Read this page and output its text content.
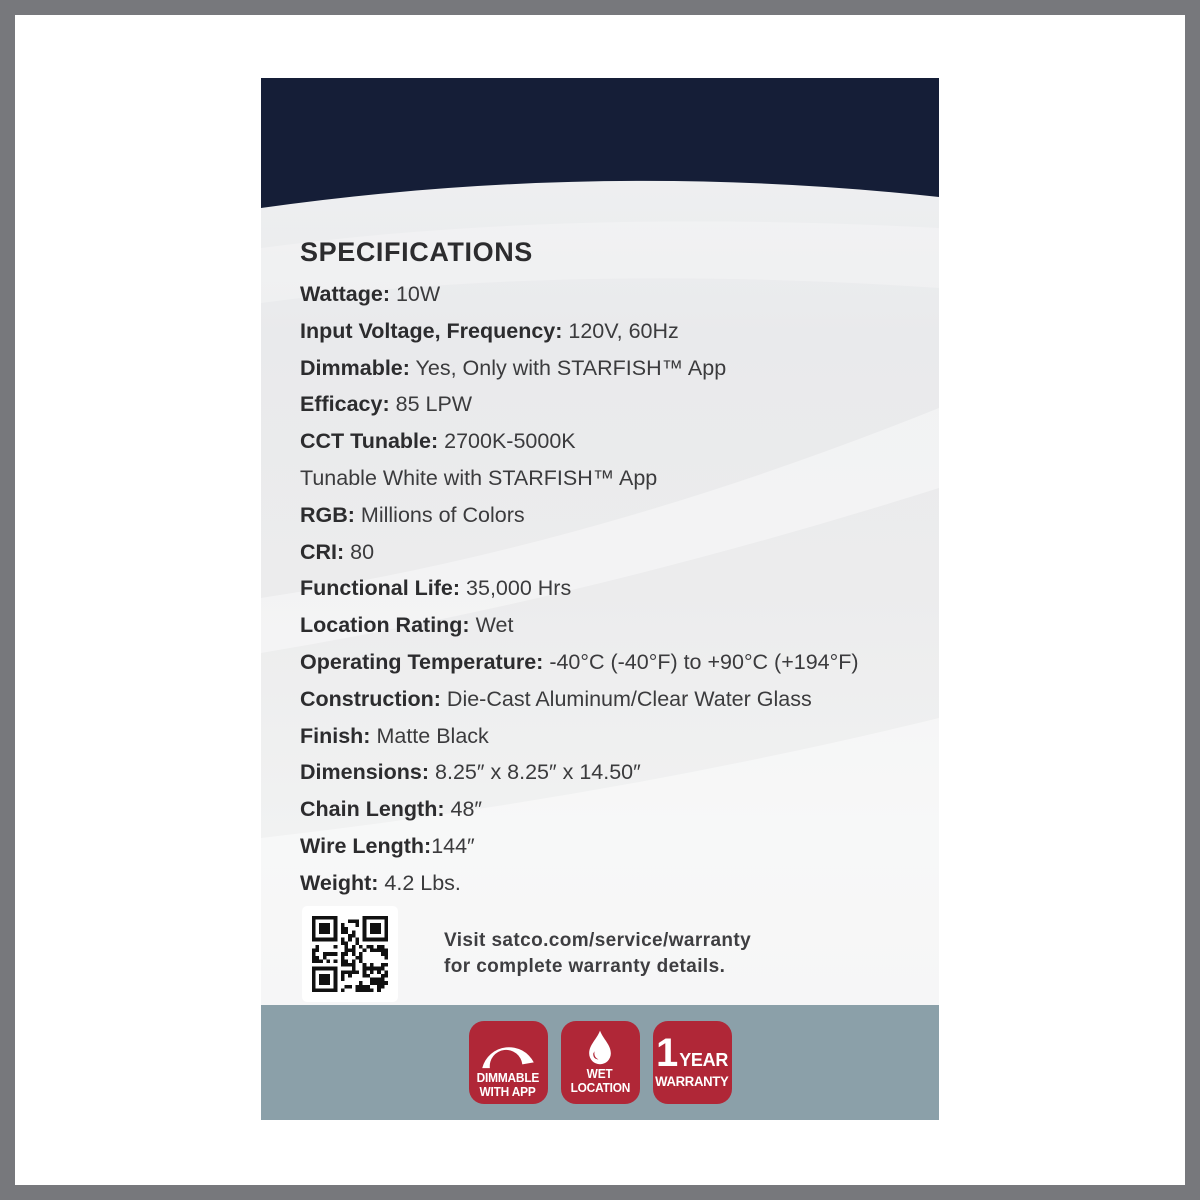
SPECIFICATIONS
Wattage: 10W
Input Voltage, Frequency: 120V, 60Hz
Dimmable: Yes, Only with STARFISH™ App
Efficacy: 85 LPW
CCT Tunable: 2700K-5000K
Tunable White with STARFISH™ App
RGB: Millions of Colors
CRI: 80
Functional Life: 35,000 Hrs
Location Rating: Wet
Operating Temperature: -40°C (-40°F) to +90°C (+194°F)
Construction: Die-Cast Aluminum/Clear Water Glass
Finish: Matte Black
Dimensions: 8.25″ x 8.25″ x 14.50″
Chain Length: 48″
Wire Length:144″
Weight: 4.2 Lbs.
Visit satco.com/service/warranty
for complete warranty details.
DIMMABLE
WITH APP
WET
LOCATION
1 YEAR
WARRANTY
